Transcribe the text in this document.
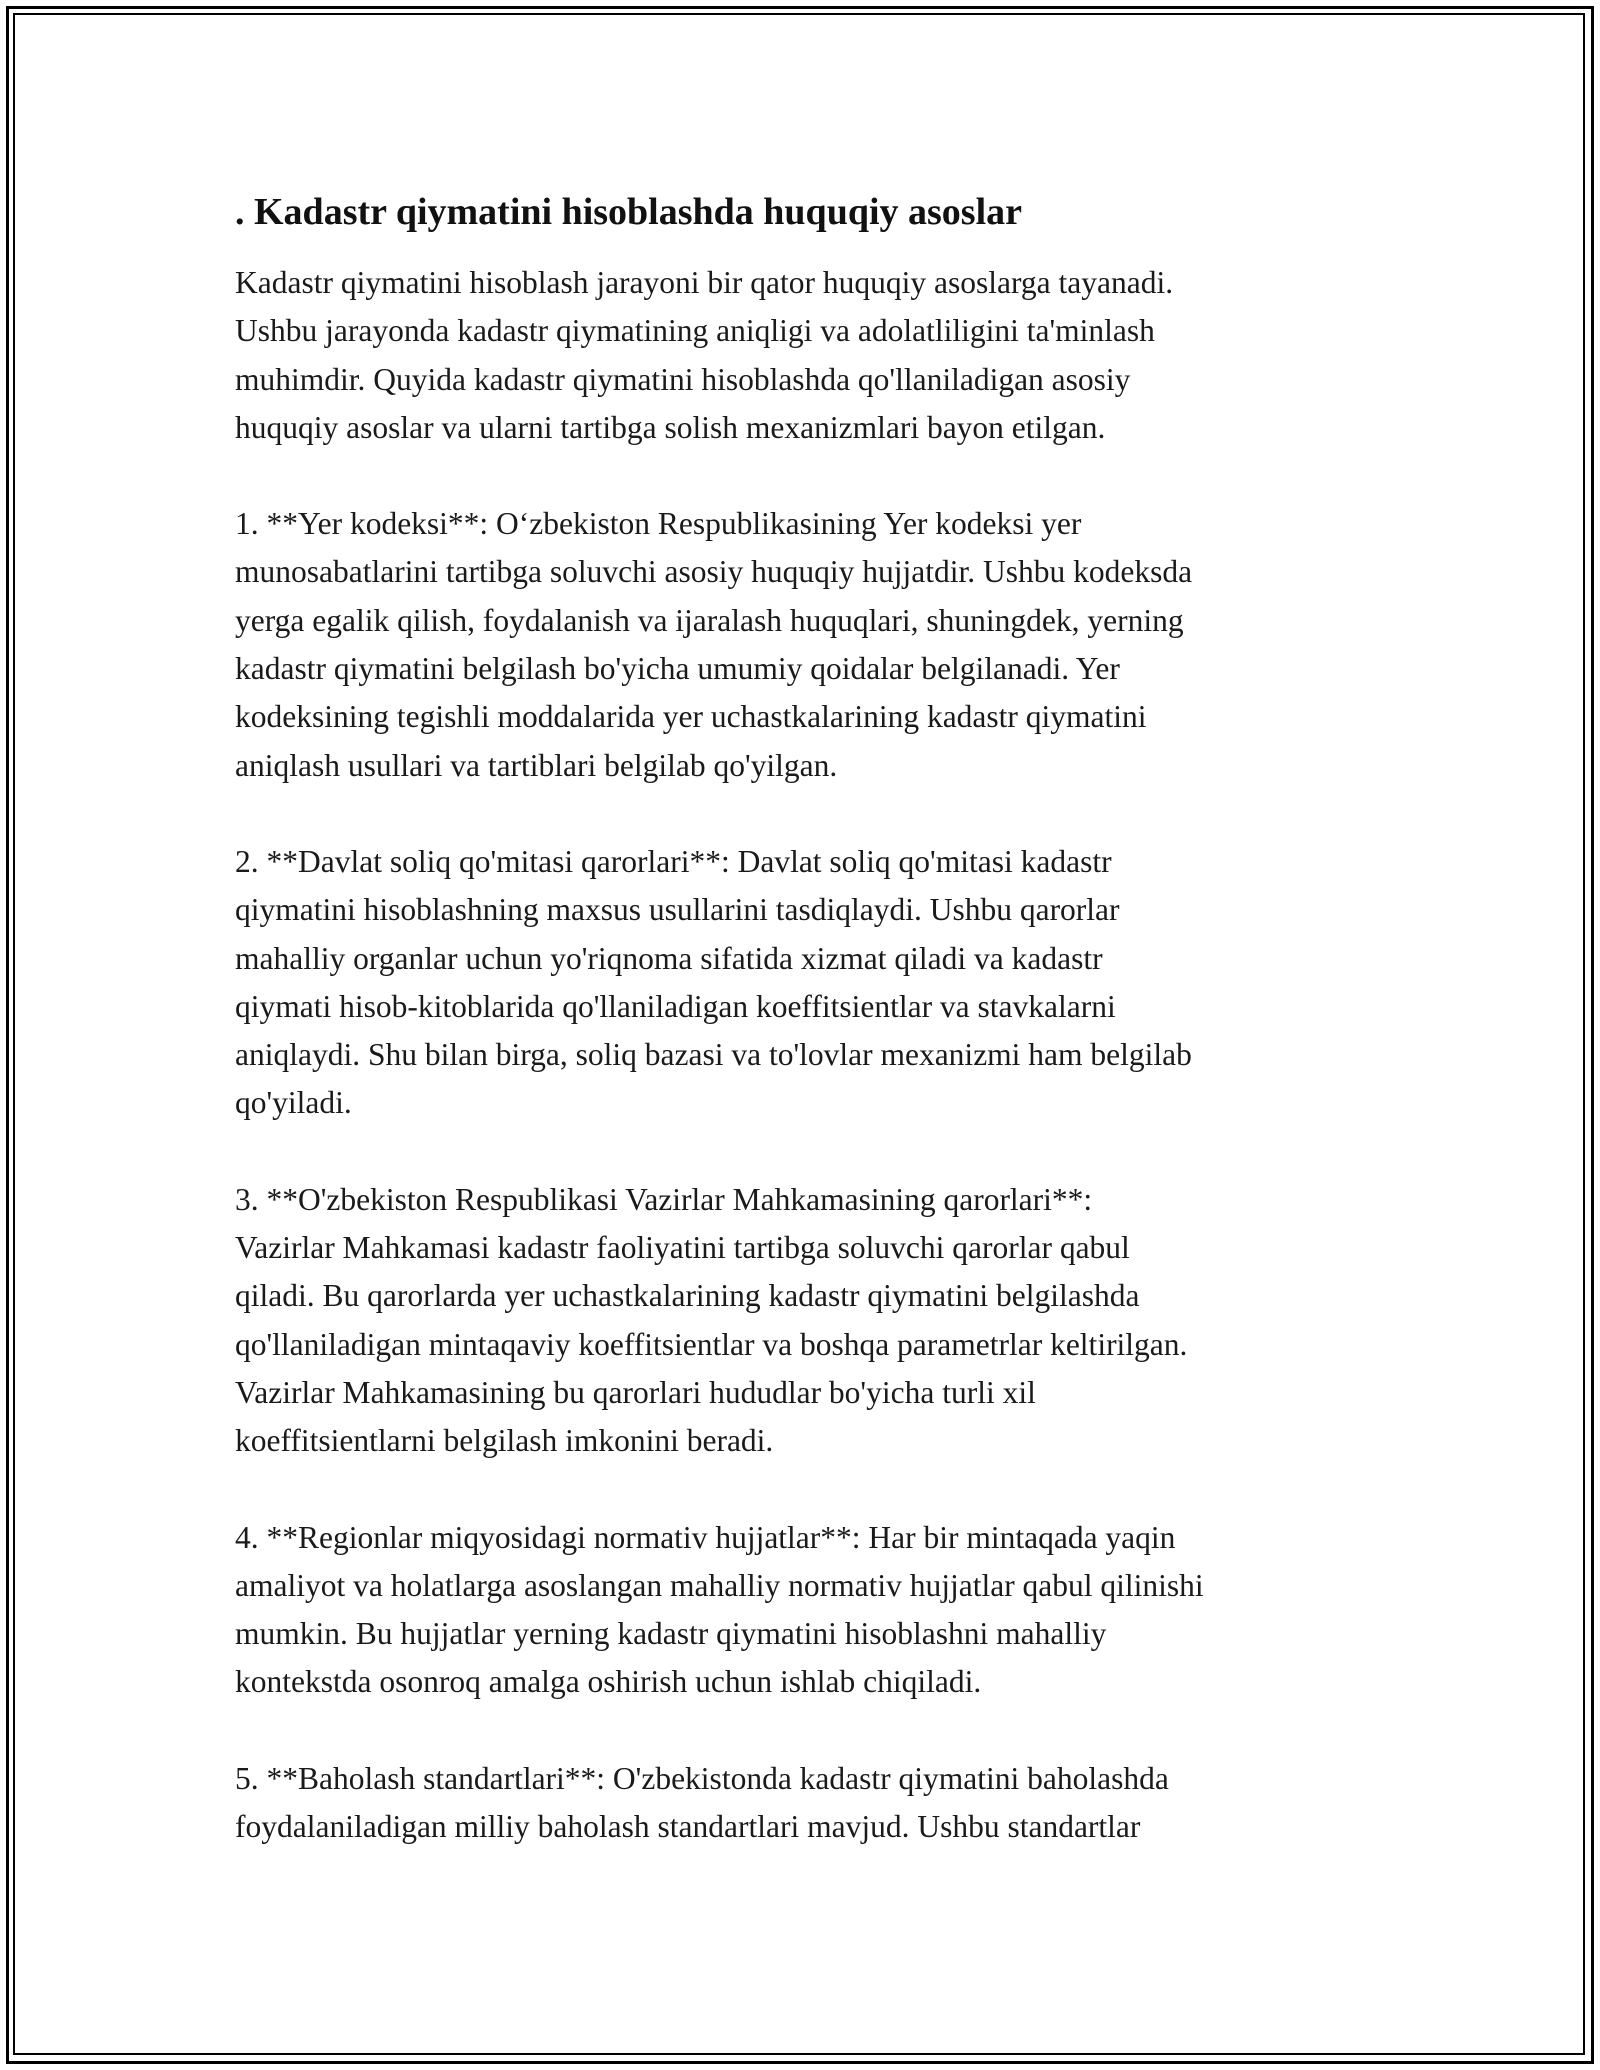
. Kadastr qiymatini hisoblashda huquqiy asoslar

Kadastr qiymatini hisoblash jarayoni bir qator huquqiy asoslarga tayanadi.
Ushbu jarayonda kadastr qiymatining aniqligi va adolatliligini ta'minlash
muhimdir. Quyida kadastr qiymatini hisoblashda qo'llaniladigan asosiy
huquqiy asoslar va ularni tartibga solish mexanizmlari bayon etilgan.

1. **Yer kodeksi**: O‘zbekiston Respublikasining Yer kodeksi yer
munosabatlarini tartibga soluvchi asosiy huquqiy hujjatdir. Ushbu kodeksda
yerga egalik qilish, foydalanish va ijaralash huquqlari, shuningdek, yerning
kadastr qiymatini belgilash bo'yicha umumiy qoidalar belgilanadi. Yer
kodeksining tegishli moddalarida yer uchastkalarining kadastr qiymatini
aniqlash usullari va tartiblari belgilab qo'yilgan.

2. **Davlat soliq qo'mitasi qarorlari**: Davlat soliq qo'mitasi kadastr
qiymatini hisoblashning maxsus usullarini tasdiqlaydi. Ushbu qarorlar
mahalliy organlar uchun yo'riqnoma sifatida xizmat qiladi va kadastr
qiymati hisob-kitoblarida qo'llaniladigan koeffitsientlar va stavkalarni
aniqlaydi. Shu bilan birga, soliq bazasi va to'lovlar mexanizmi ham belgilab
qo'yiladi.

3. **O'zbekiston Respublikasi Vazirlar Mahkamasining qarorlari**:
Vazirlar Mahkamasi kadastr faoliyatini tartibga soluvchi qarorlar qabul
qiladi. Bu qarorlarda yer uchastkalarining kadastr qiymatini belgilashda
qo'llaniladigan mintaqaviy koeffitsientlar va boshqa parametrlar keltirilgan.
Vazirlar Mahkamasining bu qarorlari hududlar bo'yicha turli xil
koeffitsientlarni belgilash imkonini beradi.

4. **Regionlar miqyosidagi normativ hujjatlar**: Har bir mintaqada yaqin
amaliyot va holatlarga asoslangan mahalliy normativ hujjatlar qabul qilinishi
mumkin. Bu hujjatlar yerning kadastr qiymatini hisoblashni mahalliy
kontekstda osonroq amalga oshirish uchun ishlab chiqiladi.

5. **Baholash standartlari**: O'zbekistonda kadastr qiymatini baholashda
foydalaniladigan milliy baholash standartlari mavjud. Ushbu standartlar
